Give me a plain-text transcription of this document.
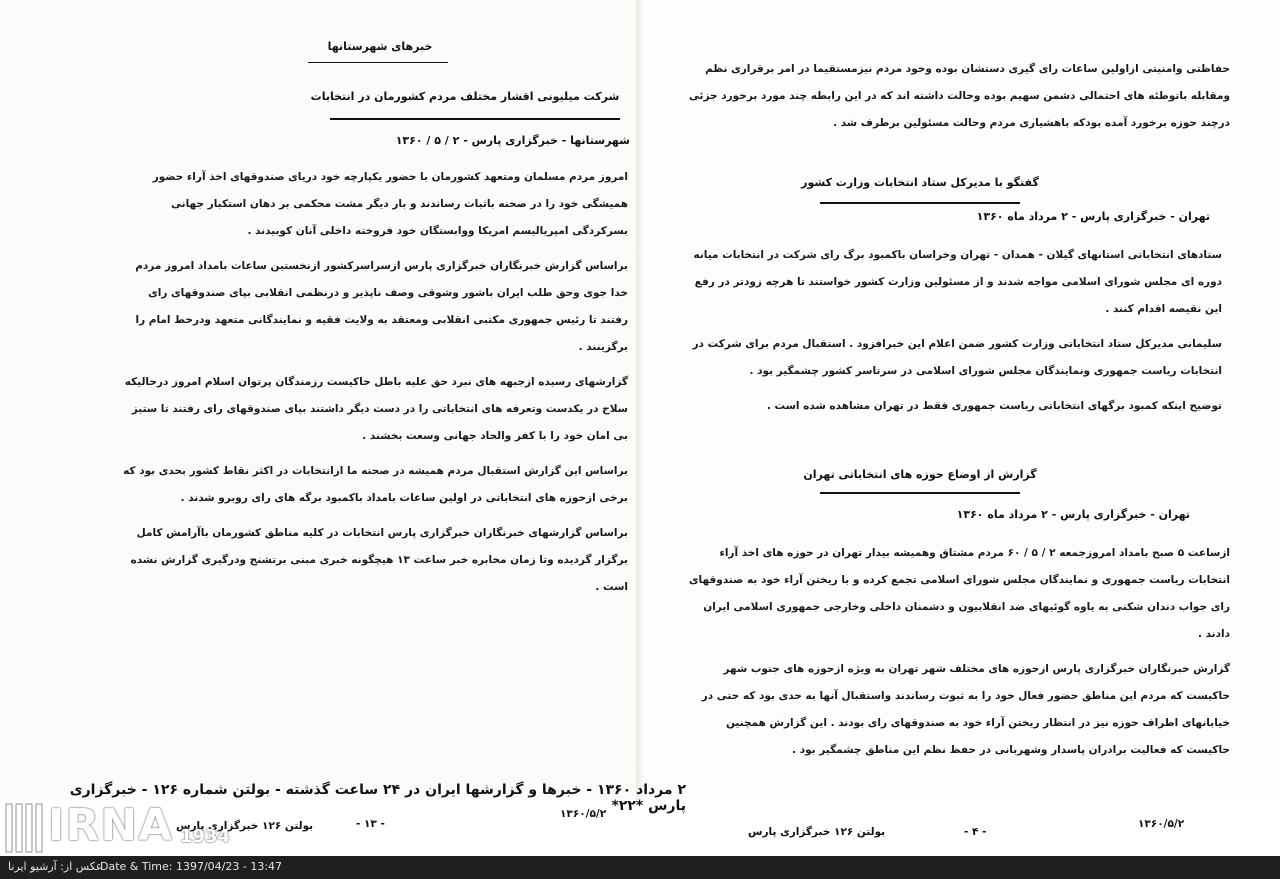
خبرهای شهرستانها
شرکت میلیونی اقشار مختلف مردم کشورمان در انتخابات
شهرستانها - خبرگزاری پارس - ۲ / ۵ / ۱۳۶۰

امروز مردم مسلمان ومتعهد کشورمان با حضور یکپارچه خود دریای صندوقهای اخذ آراء حضور همیشگی خود را در صحنه باثبات رساندند و بار دیگر مشت محکمی بر دهان استکبار جهانی بسرکردگی امپریالیسم امریکا ووابستگان خود فروخته داخلی آنان کوبیدند .

براساس گزارش خبرنگاران خبرگزاری پارس ازسراسرکشور ازنخستین ساعات بامداد امروز مردم خدا جوی وحق طلب ایران باشور وشوقی وصف ناپذیر و درنظمی انقلابی بپای صندوقهای رای رفتند تا رئیس جمهوری مکتبی انقلابی ومعتقد به ولایت فقیه و نمایندگانی متعهد ودرخط امام را برگزینند .

گزارشهای رسیده ازجبهه های نبرد حق علیه باطل حاکیست رزمندگان پرتوان اسلام امروز درحالیکه سلاح در یکدست وتعرفه های انتخاباتی را در دست دیگر داشتند بپای صندوقهای رای رفتند تا ستیز بی امان خود را با کفر والحاد جهانی وسعت بخشند .

براساس این گزارش استقبال مردم همیشه در صحنه ما ازانتخابات در اکثر نقاط کشور بحدی بود که برخی ازحوزه های انتخاباتی در اولین ساعات بامداد باکمبود برگه های رای روبرو شدند .

براساس گزارشهای خبرنگاران خبرگزاری پارس انتخابات در کلیه مناطق کشورمان باآرامش کامل برگزار گردیده وتا زمان مخابره خبر ساعت ۱۳ هیچگونه خبری مبنی برتشنج ودرگیری گزارش نشده است .

۱۳۶۰/۵/۲
- ۱۳ -
بولتن ۱۲۶ خبرگزاری پارس

حفاظتی وامنیتی ازاولین ساعات رای گیری دستشان بوده وخود مردم نیزمستقیما در امر برقراری نظم ومقابله باتوطئه های احتمالی دشمن سهیم بوده وحالت داشته اند که در این رابطه چند مورد برخورد جزئی درچند حوزه برخورد آمده بودکه باهشیاری مردم وحالت مسئولین برطرف شد .

گفتگو با مدیرکل ستاد انتخابات وزارت کشور
تهران - خبرگزاری پارس - ۲ مرداد ماه ۱۳۶۰

ستادهای انتخاباتی استانهای گیلان - همدان - تهران وخراسان باکمبود برگ رای شرکت در انتخابات میانه دوره ای مجلس شورای اسلامی مواجه شدند و از مسئولین وزارت کشور خواستند تا هرچه زودتر در رفع این نقیصه اقدام کنند .

سلیمانی مدیرکل ستاد انتخاباتی وزارت کشور ضمن اعلام این خبرافزود . استقبال مردم برای شرکت در انتخابات ریاست جمهوری ونمایندگان مجلس شورای اسلامی در سرتاسر کشور چشمگیر بود .

توضیح اینکه کمبود برگهای انتخاباتی ریاست جمهوری فقط در تهران مشاهده شده است .

گزارش از اوضاع حوزه های انتخاباتی تهران
تهران - خبرگزاری پارس - ۲ مرداد ماه ۱۳۶۰

ازساعت ۵ صبح بامداد امروزجمعه ۲ / ۵ / ۶۰ مردم مشتاق وهمیشه بیدار تهران در حوزه های اخذ آراء انتخابات ریاست جمهوری و نمایندگان مجلس شورای اسلامی تجمع کرده و با ریختن آراء خود به صندوقهای رای جواب دندان شکنی به یاوه گوئیهای ضد انقلابیون و دشمنان داخلی وخارجی جمهوری اسلامی ایران دادند .

گزارش خبرنگاران خبرگزاری پارس ازحوزه های مختلف شهر تهران به ویژه ازحوزه های جنوب شهر حاکیست که مردم این مناطق حضور فعال خود را به ثبوت رساندند واستقبال آنها به حدی بود که حتی در خیابانهای اطراف حوزه نیز در انتظار ریختن آراء خود به صندوقهای رای بودند . این گزارش همچنین حاکیست که فعالیت برادران پاسدار وشهربانی در حفظ نظم این مناطق چشمگیر بود .

۱۳۶۰/۵/۲
- ۴ -
بولتن ۱۲۶ خبرگزاری پارس
۲ مرداد ۱۳۶۰ - خبرها و گزارشها ایران در ۲۴ ساعت گذشته - بولتن شماره ۱۲۶ - خبرگزاری پارس *۲۲*
IRNA 1934
عکس از: آرشیو ایرنا
Date & Time: 1397/04/23 - 13:47
